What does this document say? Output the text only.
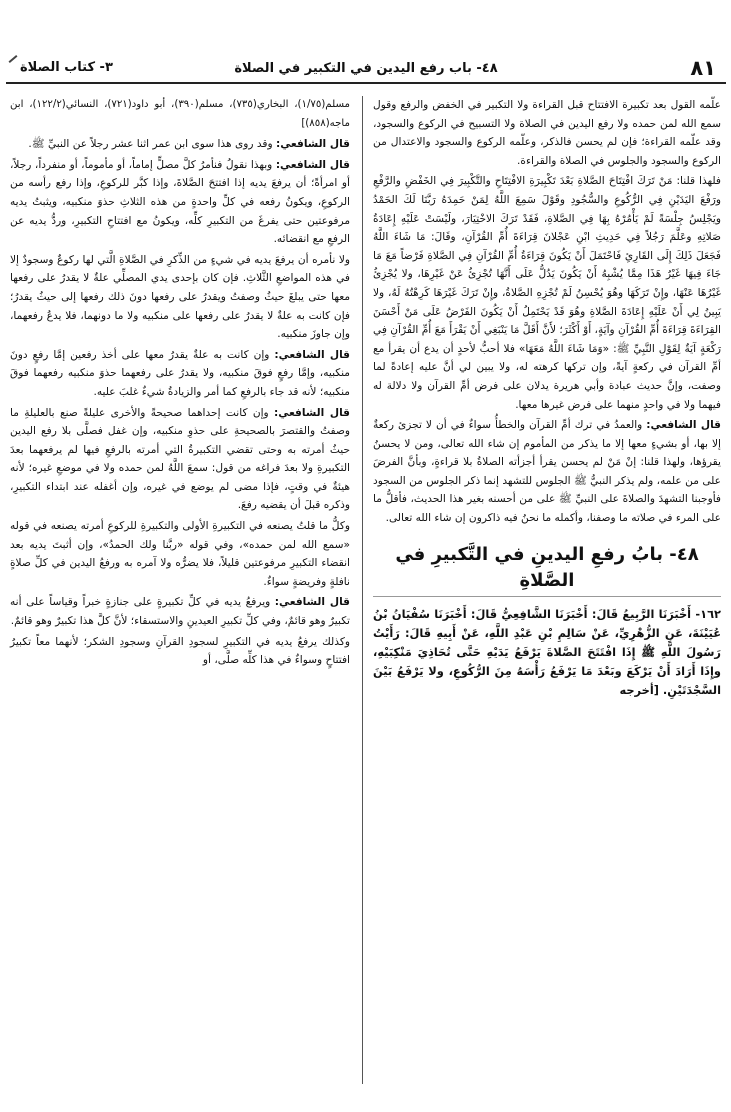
٨١
٤٨- باب رفع اليدين في التكبير في الصلاة
٣- كتاب الصلاة

علّمه القول بعد تكبيرة الافتتاح قبل القراءة ولا التكبير في الخفض والرفع وقول سمع الله لمن حمده ولا رفع اليدين في الصلاة ولا التسبيح في الركوع والسجود، وقد علّمه القراءة؛ فإن لم يحسن فالذكر، وعلّمه الركوع والسجود والاعتدال من الركوع والسجود والجلوس في الصلاة والقراءة.

فلهذا قلنا: مَنْ تَرَكَ افْتِتَاحَ الصَّلاةِ بَعْدَ تَكْبِيرَةِ الافْتِتَاحِ والتَّكْبِيرَ فِي الخَفْضِ والرَّفْعِ ورَفْعَ اليَدَيْنِ فِي الرُّكُوعِ والسُّجُودِ وقَوْلَ سَمِعَ اللَّهُ لِمَنْ حَمِدَهُ رَبَّنَا لَكَ الحَمْدُ ويَجْلِسُ جِلْسَةً لَمْ يَأْمُرْهُ بِهَا فِي الصَّلاةِ، فَقَدْ تَرَكَ الاخْتِيَارَ، ولَيْسَتْ عَلَيْهِ إِعَادَةُ صَلاتِهِ وعَلَّمَ رَجُلاً فِي حَدِيثِ ابْنِ عَجْلانَ قِرَاءَةَ أُمِّ القُرْآنِ، وقَالَ: مَا شَاءَ اللَّهُ فَجَعَلَ ذَلِكَ إِلَى القَارِئِ فَاحْتَمَلَ أَنْ يَكُونَ قِرَاءَةُ أُمِّ القُرْآنِ فِي الصَّلاةِ فَرْضاً مَعَ مَا جَاءَ فِيهَا غَيْرُ هَذَا مِمَّا يُشْبِهُ أَنْ يَكُونَ يَدُلُّ عَلَى أَنَّهَا تُجْزِئُ عَنْ غَيْرِهَا، ولا يُجْزِئُ غَيْرُهَا عَنْهَا، وإِنْ تَرَكَهَا وهُوَ يُحْسِنُ لَمْ تُجْزِهِ الصَّلاةُ، وإِنْ تَرَكَ غَيْرَهَا كَرِهْتُهُ لَهُ، ولا يَبِينُ لِي أَنْ عَلَيْهِ إِعَادَةَ الصَّلاةِ وهُوَ قَدْ يَحْتَمِلُ أَنْ يَكُونَ الفَرْضُ عَلَى مَنْ أَحْسَنَ القِرَاءَةَ قِرَاءَةَ أُمِّ القُرْآنِ وآيَةٍ، أَوْ أَكْثَرَ؛ لأَنَّ أَقَلَّ مَا يَنْبَغِي أَنْ يَقْرَأَ مَعَ أُمِّ القُرْآنِ فِي رَكْعَةٍ آيَةٌ لِقَوْلِ النَّبِيِّ ﷺ: «وَمَا شَاءَ اللَّهُ مَعَهَا» فلا أحبُّ لأحدٍ أن يدع أن يقرأ مع أمِّ القرآن في ركعةٍ آيةً، وإن تركها كرهته له، ولا يبين لي أنَّ عليه إعادةً لما وصفت، وإنَّ حديث عبادة وأبي هريرة يدلان على فرض أمِّ القرآن ولا دلالة له فيهما ولا في واحدٍ منهما على فرض غيرها معها.

قال الشافعي: والعمدُ في ترك أمِّ القرآن والخطأُ سواءٌ في أن لا تجزئ ركعةٌ إلا بها، أو بشيءٍ معها إلا ما يذكر من المأموم إن شاء الله تعالى، ومن لا يحسنُ يقرؤها، ولهذا قلنا: إنْ مَنْ لم يحسن يقرأ أجزأته الصلاةُ بلا قراءةٍ، وبأنَّ الفرضَ على من علمه، ولم يذكر النبيُّ ﷺ الجلوس للتشهد إنما ذكر الجلوس من السجود فأوجبنا التشهدَ والصلاةَ على النبيِّ ﷺ على من أحسنه بغير هذا الحديث، فأقلُّ ما على المرء في صلاته ما وصفنا، وأكمله ما نحنُ فيه ذاكرون إن شاء الله تعالى.

٤٨- بابُ رفعِ اليدينِ في التَّكبيرِ في الصَّلاةِ

١٦٢- أَخْبَرَنَا الرَّبِيعُ قَالَ: أَخْبَرَنَا الشَّافِعِيُّ قَالَ: أَخْبَرَنَا سُفْيَانُ بْنُ عُيَيْنَةَ، عَنِ الزُّهْرِيِّ، عَنْ سَالِمِ بْنِ عَبْدِ اللَّهِ، عَنْ أَبِيهِ قَالَ: رَأَيْتُ رَسُولَ اللَّهِ ﷺ إِذَا افْتَتَحَ الصَّلاةَ يَرْفَعُ يَدَيْهِ حَتَّى تُحَاذِيَ مَنْكِبَيْهِ، وإِذَا أَرَادَ أَنْ يَرْكَعَ وبَعْدَ مَا يَرْفَعُ رَأْسَهُ مِنَ الرُّكُوعِ، ولا يَرْفَعُ بَيْنَ السَّجْدَتَيْنِ. [أخرجه

مسلم(١/٧٥)، البخاري(٧٣٥)، مسلم(٣٩٠)، أبو داود(٧٢١)، النسائي(١٢٢/٢)، ابن ماجه(٨٥٨)]

قال الشافعي: وقد روى هذا سوى ابن عمر اثنا عشر رجلاً عن النبيِّ ﷺ.

قال الشافعي: وبهذا نقولُ فنأمرُ كلَّ مصلٍّ إماماً، أو مأموماً، أو منفرداً، رجلاً، أو امرأةً؛ أن يرفعَ يديه إذا افتتحَ الصَّلاةَ، وإذا كبَّر للركوعِ، وإذا رفع رأسه من الركوعِ، ويكونُ رفعه في كلِّ واحدةٍ من هذه الثلاثِ حذوَ منكبيه، ويثبتُ يديه مرفوعتين حتى يفرغَ من التكبيرِ كلِّه، ويكونُ مع افتتاحِ التكبيرِ، وردُّ يديه عن الرفعِ مع انقضائه.

ولا نأمره أن يرفعَ يديه في شيءٍ من الذِّكرِ في الصَّلاةِ الَّتي لها ركوعٌ وسجودٌ إلا في هذه المواضعِ الثَّلاثِ. فإن كان بإحدى يدي المصلِّي علةٌ لا يقدرُ على رفعها معها حتى يبلغَ حيثُ وصفتُ ويقدرُ على رفعها دونَ ذلك رفعها إلى حيثُ يقدرُ؛ فإن كانت به علةٌ لا يقدرُ على رفعها على منكبيه ولا ما دونهما، فلا يدعُ رفعهما، وإن جاوزَ منكبيه.

قال الشافعي: وإن كانت به علةٌ يقدرُ معها على أخذ رفعين إمَّا رفعٍ دونَ منكبيه، وإمَّا رفعٍ فوقَ منكبيه، ولا يقدرُ على رفعهما حذوَ منكبيه رفعهما فوقَ منكبيه؛ لأنه قد جاء بالرفعِ كما أمر والزيادةُ شيءٌ غلبَ عليه.

قال الشافعي: وإن كانت إحداهما صحيحةً والأخرى عليلةً صنع بالعليلةِ ما وصفتُ والقتصرَ بالصحيحةِ على حذوِ منكبيه، وإن غفل فصلَّى بلا رفع اليدين حيثُ أمرته به وحتى تقضي التكبيرةُ التي أمرته بالرفعِ فيها لم يرفعهما بعدَ التكبيرةِ ولا بعدَ فراغه من قول: سمعَ اللَّهُ لمن حمده ولا في موضعِ غيره؛ لأنه هيئةٌ في وقتٍ، فإذا مضى لم يوضع في غيره، وإن أغفله عند ابتداء التكبيرِ، وذكره قبلَ أن يقضيه رفعَ.

وكلُّ ما قلتُ يصنعه في التكبيرةِ الأولى والتكبيرةِ للركوعِ أمرته يصنعه في قوله «سمع الله لمن حمده»، وفي قوله «ربَّنا ولك الحمدُ»، وإن أثبتَ يديه بعد انقضاء التكبيرِ مرفوعتين قليلاً، فلا يضرُّه ولا آمره به ورفعُ اليدين في كلِّ صلاةٍ نافلةٍ وفريضةٍ سواءٌ.

قال الشافعي: ويرفعُ يديه في كلِّ تكبيرةٍ على جنازةٍ خبراً وقياساً على أنه تكبيرٌ وهو قائمٌ، وفي كلِّ تكبيرِ العيدينِ والاستسقاء؛ لأنَّ كلَّ هذا تكبيرٌ وهو قائمٌ.

وكذلك يرفعُ يديه في التكبيرِ لسجودِ القرآنِ وسجودِ الشكر؛ لأنهما معاً تكبيرُ افتتاحٍ وسواءٌ في هذا كلِّه صلَّى، أو
